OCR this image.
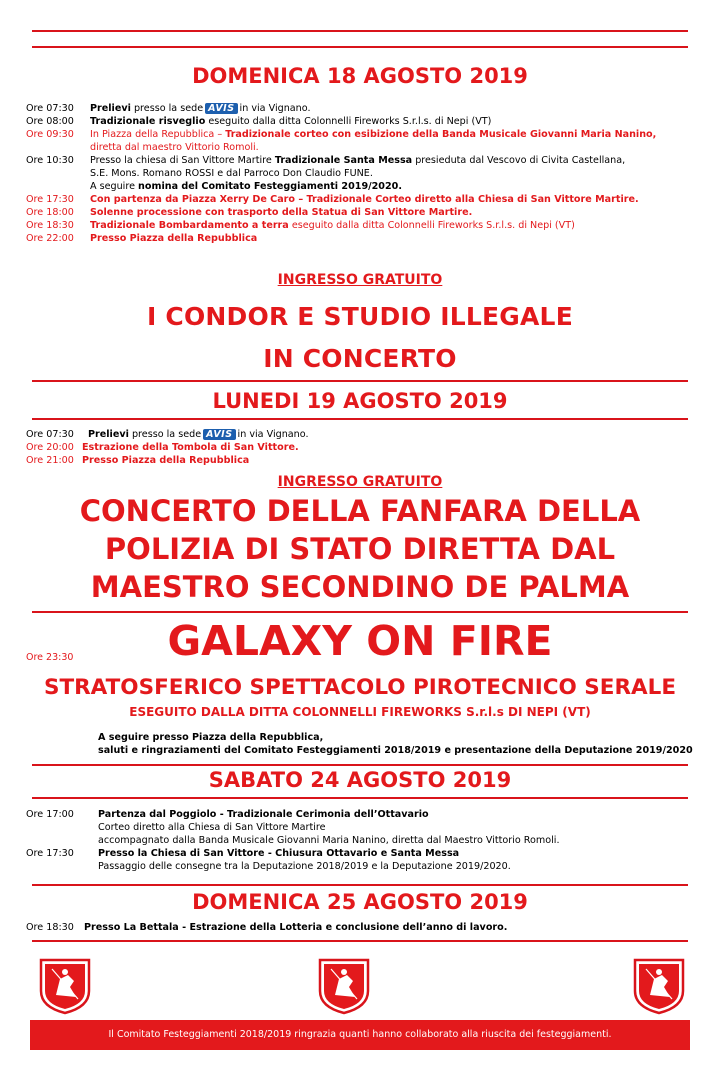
DOMENICA 18 AGOSTO 2019
Ore 07:30	Prelievi presso la sede AVIS in via Vignano.
Ore 08:00	Tradizionale risveglio eseguito dalla ditta Colonnelli Fireworks S.r.l.s. di Nepi (VT)
Ore 09:30	In Piazza della Repubblica – Tradizionale corteo con esibizione della Banda Musicale Giovanni Maria Nanino,
diretta dal maestro Vittorio Romoli.
Ore 10:30	Presso la chiesa di San Vittore Martire Tradizionale Santa Messa presieduta dal Vescovo di Civita Castellana,
S.E. Mons. Romano ROSSI e dal Parroco Don Claudio FUNE.
A seguire nomina del Comitato Festeggiamenti 2019/2020.
Ore 17:30	Con partenza da Piazza Xerry De Caro – Tradizionale Corteo diretto alla Chiesa di San Vittore Martire.
Ore 18:00	Solenne processione con trasporto della Statua di San Vittore Martire.
Ore 18:30	Tradizionale Bombardamento a terra eseguito dalla ditta Colonnelli Fireworks S.r.l.s. di Nepi (VT)
Ore 22:00	Presso Piazza della Repubblica
INGRESSO GRATUITO
I CONDOR E STUDIO ILLEGALE
IN CONCERTO
LUNEDI 19 AGOSTO 2019
Ore 07:30	Prelievi presso la sede AVIS in via Vignano.
Ore 20:00 Estrazione della Tombola di San Vittore.
Ore 21:00 Presso Piazza della Repubblica
INGRESSO GRATUITO
CONCERTO DELLA FANFARA DELLA
POLIZIA DI STATO DIRETTA DAL
MAESTRO SECONDINO DE PALMA
Ore 23:30	GALAXY ON FIRE
STRATOSFERICO SPETTACOLO PIROTECNICO SERALE
ESEGUITO DALLA DITTA COLONNELLI FIREWORKS S.r.l.s DI NEPI (VT)
A seguire presso Piazza della Repubblica,
saluti e ringraziamenti del Comitato Festeggiamenti 2018/2019 e presentazione della Deputazione 2019/2020
SABATO 24 AGOSTO 2019
Ore 17:00	Partenza dal Poggiolo - Tradizionale Cerimonia dell’Ottavario
Corteo diretto alla Chiesa di San Vittore Martire
accompagnato dalla Banda Musicale Giovanni Maria Nanino, diretta dal Maestro Vittorio Romoli.
Ore 17:30	Presso la Chiesa di San Vittore - Chiusura Ottavario e Santa Messa
Passaggio delle consegne tra la Deputazione 2018/2019 e la Deputazione 2019/2020.
DOMENICA 25 AGOSTO 2019
Ore 18:30	Presso La Bettala - Estrazione della Lotteria e conclusione dell’anno di lavoro.
Il Comitato Festeggiamenti 2018/2019 ringrazia quanti hanno collaborato alla riuscita dei festeggiamenti.
